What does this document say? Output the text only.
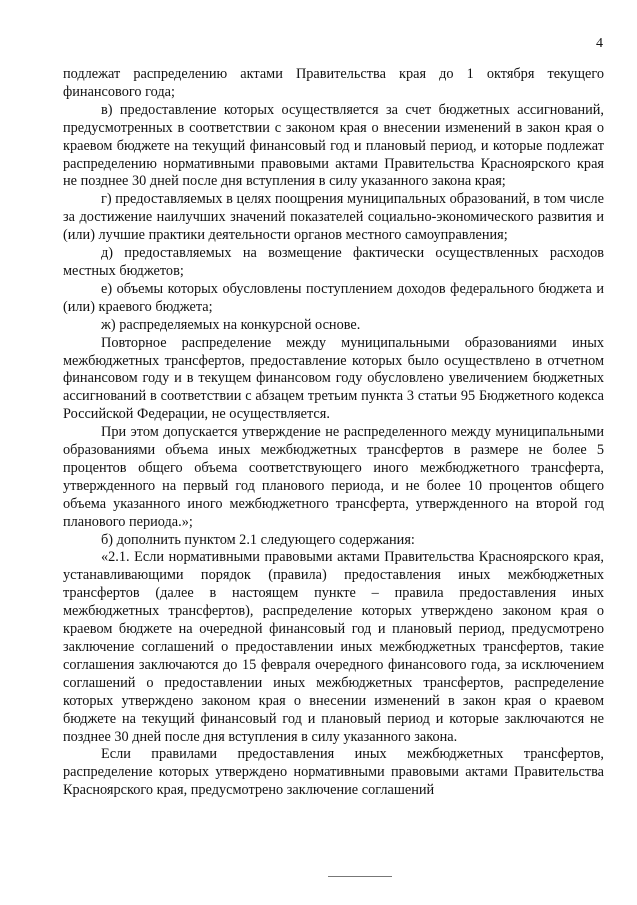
4

подлежат распределению актами Правительства края до 1 октября текущего финансового года;

в) предоставление которых осуществляется за счет бюджетных ассигнований, предусмотренных в соответствии с законом края о внесении изменений в закон края о краевом бюджете на текущий финансовый год и плановый период, и которые подлежат распределению нормативными правовыми актами Правительства Красноярского края не позднее 30 дней после дня вступления в силу указанного закона края;

г) предоставляемых в целях поощрения муниципальных образований, в том числе за достижение наилучших значений показателей социально-экономического развития и (или) лучшие практики деятельности органов местного самоуправления;

д) предоставляемых на возмещение фактически осуществленных расходов местных бюджетов;

е) объемы которых обусловлены поступлением доходов федерального бюджета и (или) краевого бюджета;

ж) распределяемых на конкурсной основе.

Повторное распределение между муниципальными образованиями иных межбюджетных трансфертов, предоставление которых было осуществлено в отчетном финансовом году и в текущем финансовом году обусловлено увеличением бюджетных ассигнований в соответствии с абзацем третьим пункта 3 статьи 95 Бюджетного кодекса Российской Федерации, не осуществляется.

При этом допускается утверждение не распределенного между муниципальными образованиями объема иных межбюджетных трансфертов в размере не более 5 процентов общего объема соответствующего иного межбюджетного трансферта, утвержденного на первый год планового периода, и не более 10 процентов общего объема указанного иного межбюджетного трансферта, утвержденного на второй год планового периода.»;

б) дополнить пунктом 2.1 следующего содержания:

«2.1. Если нормативными правовыми актами Правительства Красноярского края, устанавливающими порядок (правила) предоставления иных межбюджетных трансфертов (далее в настоящем пункте – правила предоставления иных межбюджетных трансфертов), распределение которых утверждено законом края о краевом бюджете на очередной финансовый год и плановый период, предусмотрено заключение соглашений о предоставлении иных межбюджетных трансфертов, такие соглашения заключаются до 15 февраля очередного финансового года, за исключением соглашений о предоставлении иных межбюджетных трансфертов, распределение которых утверждено законом края о внесении изменений в закон края о краевом бюджете на текущий финансовый год и плановый период и которые заключаются не позднее 30 дней после дня вступления в силу указанного закона.

Если правилами предоставления иных межбюджетных трансфертов, распределение которых утверждено нормативными правовыми актами Правительства Красноярского края, предусмотрено заключение соглашений
